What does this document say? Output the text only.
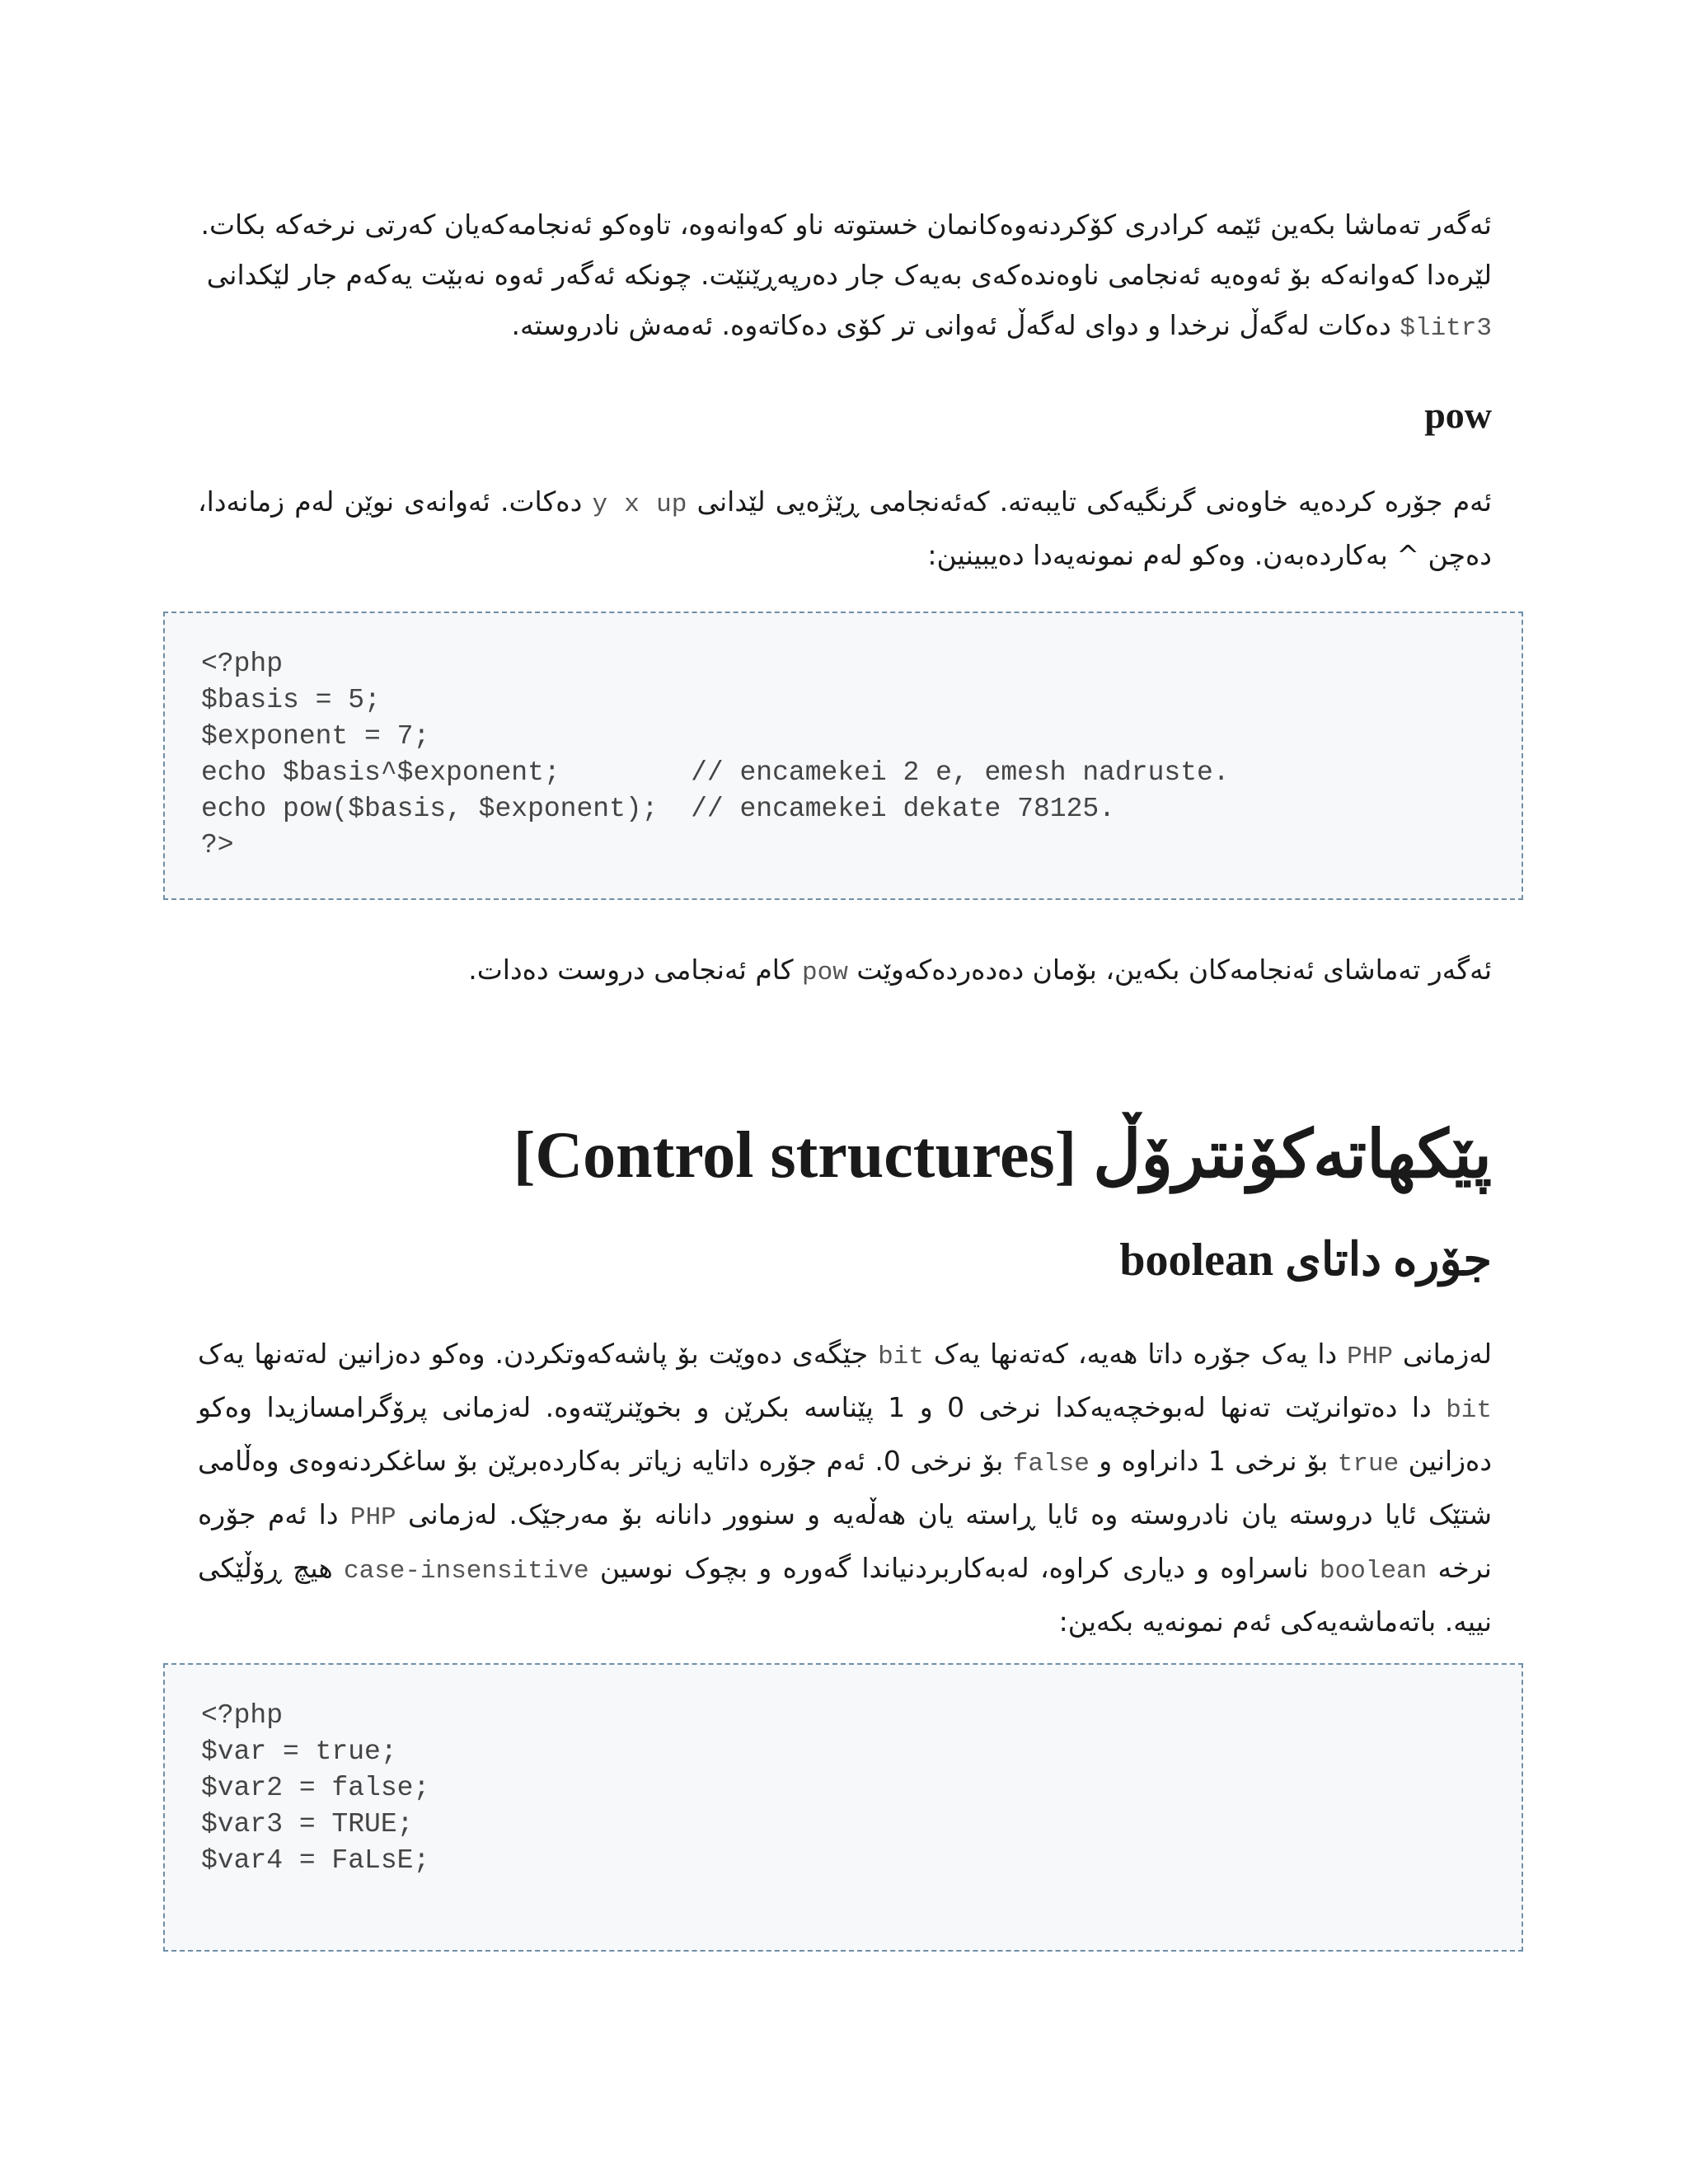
ئەگەر تەماشا بکەین ئێمە کرادری کۆکردنەوەکانمان خستوتە ناو کەوانەوە، تاوەکو ئەنجامەکەیان کەرتی نرخەکە بکات.
لێرەدا کەوانەکە بۆ ئەوەیە ئەنجامی ناوەندەکەی بەیەک جار دەرپەڕێنێت. چونکە ئەگەر ئەوە نەبێت یەکەم جار لێکدانی
$litr3 دەکات لەگەڵ نرخدا و دوای لەگەڵ ئەوانی تر کۆی دەکاتەوە. ئەمەش نادروستە.
pow
ئەم جۆرە کردەیە خاوەنی گرنگیەکی تایبەتە. کەئەنجامی ڕێژەیی لێدانی y x up دەکات. ئەوانەی نوێن لەم زمانەدا، دەچن ^ بەکاردەبەن. وەکو لەم نمونەیەدا دەیبینین:
<?php
$basis = 5;
$exponent = 7;
echo $basis^$exponent;        // encamekei 2 e, emesh nadruste.
echo pow($basis, $exponent);  // encamekei dekate 78125.
?>
ئەگەر تەماشای ئەنجامەکان بکەین، بۆمان دەدەردەکەوێت pow کام ئەنجامی دروست دەدات.
پێکهاتەکۆنترۆڵ [Control structures]
جۆرە داتای boolean
لەزمانی PHP دا یەک جۆرە داتا هەیە، کەتەنها یەک bit جێگەی دەوێت بۆ پاشەکەوتکردن. وەکو دەزانین لەتەنها یەک bit دا دەتوانرێت تەنها لەبوخچەیەکدا نرخی 0 و 1 پێناسە بکرێن و بخوێنرێتەوە. لەزمانی پرۆگرامسازیدا وەکو دەزانین true بۆ نرخی 1 دانراوە و false بۆ نرخی 0. ئەم جۆرە داتایە زیاتر بەکاردەبرێن بۆ ساغکردنەوەی وەڵامی شتێک ئایا دروستە یان نادروستە وە ئایا ڕاستە یان هەڵەیە و سنوور دانانە بۆ مەرجێک. لەزمانی PHP دا ئەم جۆرە نرخە boolean ناسراوە و دیاری کراوە، لەبەکاربردنیاندا گەورە و بچوک نوسین case-insensitive هیچ ڕۆڵێکی نییە. باتەماشەیەکی ئەم نمونەیە بکەین:
<?php
$var = true;
$var2 = false;
$var3 = TRUE;
$var4 = FaLsE;
